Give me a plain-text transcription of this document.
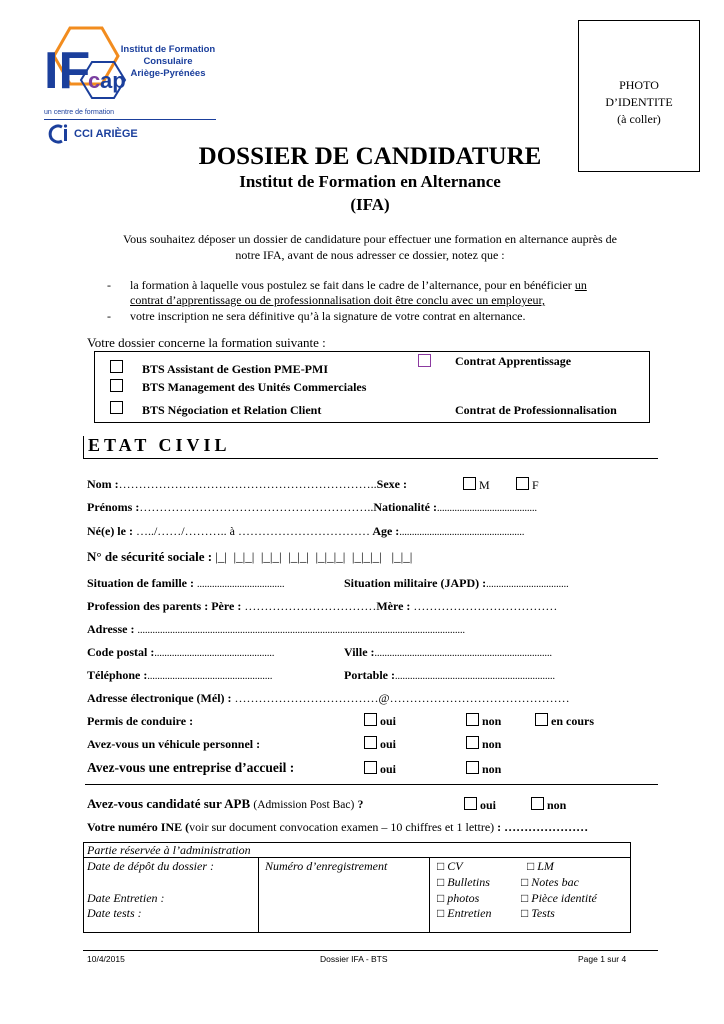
IF
c ap
Institut de Formation
Consulaire
Ariège-Pyrénées
un centre de formation
CCI ARIÈGE
PHOTO
D’IDENTITE
(à coller)
DOSSIER DE CANDIDATURE
Institut de Formation en Alternance
(IFA)
Vous souhaitez déposer un dossier de candidature pour effectuer une formation en alternance auprès de
notre IFA, avant de nous adresser ce dossier, notez que :
- la formation à laquelle vous postulez se fait dans le cadre de l’alternance, pour en bénéficier un
contrat d’apprentissage ou de professionnalisation doit être conclu avec un employeur,
- votre inscription ne sera définitive qu’à la signature de votre contrat en alternance.
Votre dossier concerne la formation suivante :
BTS Assistant de Gestion PME-PMI
BTS Management des Unités Commerciales
BTS Négociation et Relation Client
Contrat Apprentissage
Contrat de Professionnalisation
ETAT CIVIL
Nom :………………………………………………………..Sexe :	M	F
Prénoms :…………………………………………………..Nationalité :........................................
Né(e) le : …../……/……….. à …………………………… Age :..................................................
N° de sécurité sociale : |_|  |_|_|  |_|_|  |_|_|  |_|_|_|  |_|_|_|   |_|_|
Situation de famille : ...................................	Situation militaire (JAPD) :.................................
Profession des parents : Père : ……………………………Mère : ………………………………
Adresse : ...................................................................................................................................
Code postal :................................................	Ville :.......................................................................
Téléphone :..................................................	Portable :................................................................
Adresse électronique (Mél) : ………………………………@………………………………………
Permis de conduire :	oui	non	en cours
Avez-vous un véhicule personnel :	oui	non
Avez-vous une entreprise d’accueil :	oui	non
Avez-vous candidaté sur APB (Admission Post Bac) ?	oui	non
Votre numéro INE (voir sur document convocation examen – 10 chiffres et 1 lettre) : …………………
Partie réservée à l’administration
Date de dépôt du dossier :
Date Entretien :
Date tests :
Numéro d’enregistrement	□ CV	□ LM
□ Bulletins	□ Notes bac
□ photos	□ Pièce identité
□ Entretien □ Tests
10/4/2015	Dossier IFA - BTS	Page 1 sur 4
